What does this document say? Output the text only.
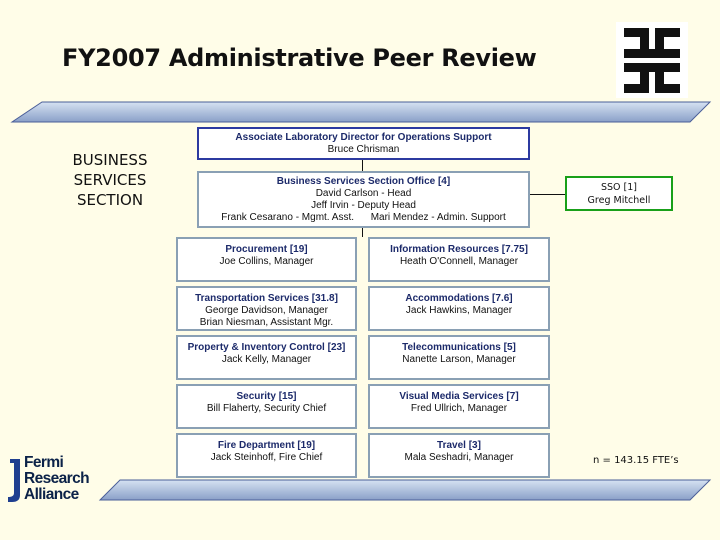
FY2007 Administrative Peer Review
BUSINESS
SERVICES
SECTION
Associate Laboratory Director for Operations Support
Bruce Chrisman
Business Services Section Office [4]
David Carlson - Head
Jeff Irvin - Deputy Head
Frank Cesarano - Mgmt. Asst.      Mari Mendez - Admin. Support
SSO [1]
Greg Mitchell
Procurement [19]
Joe Collins, Manager
Information Resources [7.75]
Heath O'Connell, Manager
Transportation Services [31.8]
George Davidson, Manager
Brian Niesman, Assistant Mgr.
Accommodations [7.6]
Jack Hawkins, Manager
Property & Inventory Control [23]
Jack Kelly, Manager
Telecommunications [5]
Nanette Larson, Manager
Security [15]
Bill Flaherty, Security Chief
Visual Media Services [7]
Fred Ullrich, Manager
Fire Department [19]
Jack Steinhoff, Fire Chief
Travel [3]
Mala Seshadri, Manager	n = 143.15 FTE’s
Fermi
Research
Alliance
